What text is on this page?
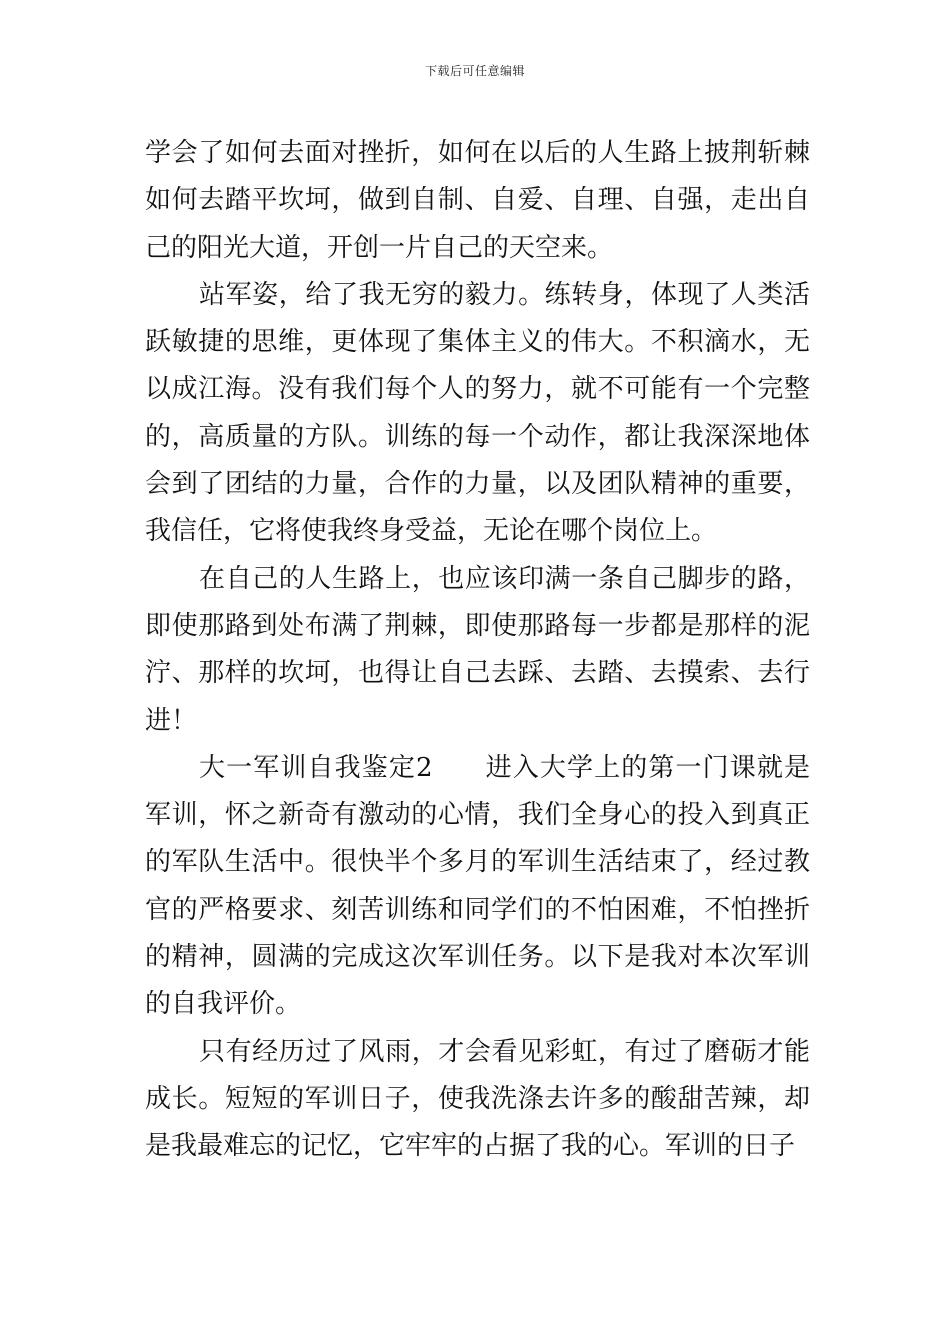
下载后可任意编辑

学会了如何去面对挫折，如何在以后的人生路上披荆斩棘如何去踏平坎坷，做到自制、自爱、自理、自强，走出自己的阳光大道，开创一片自己的天空来。

站军姿，给了我无穷的毅力。练转身，体现了人类活跃敏捷的思维，更体现了集体主义的伟大。不积滴水，无以成江海。没有我们每个人的努力，就不可能有一个完整的，高质量的方队。训练的每一个动作，都让我深深地体会到了团结的力量，合作的力量，以及团队精神的重要，我信任，它将使我终身受益，无论在哪个岗位上。

在自己的人生路上，也应该印满一条自己脚步的路，即使那路到处布满了荆棘，即使那路每一步都是那样的泥泞、那样的坎坷，也得让自己去踩、去踏、去摸索、去行进！

大一军训自我鉴定2 进入大学上的第一门课就是军训，怀之新奇有激动的心情，我们全身心的投入到真正的军队生活中。很快半个多月的军训生活结束了，经过教官的严格要求、刻苦训练和同学们的不怕困难，不怕挫折的精神，圆满的完成这次军训任务。以下是我对本次军训的自我评价。

只有经历过了风雨，才会看见彩虹，有过了磨砺才能成长。短短的军训日子，使我洗涤去许多的酸甜苦辣，却是我最难忘的记忆，它牢牢的占据了我的心。军训的日子
